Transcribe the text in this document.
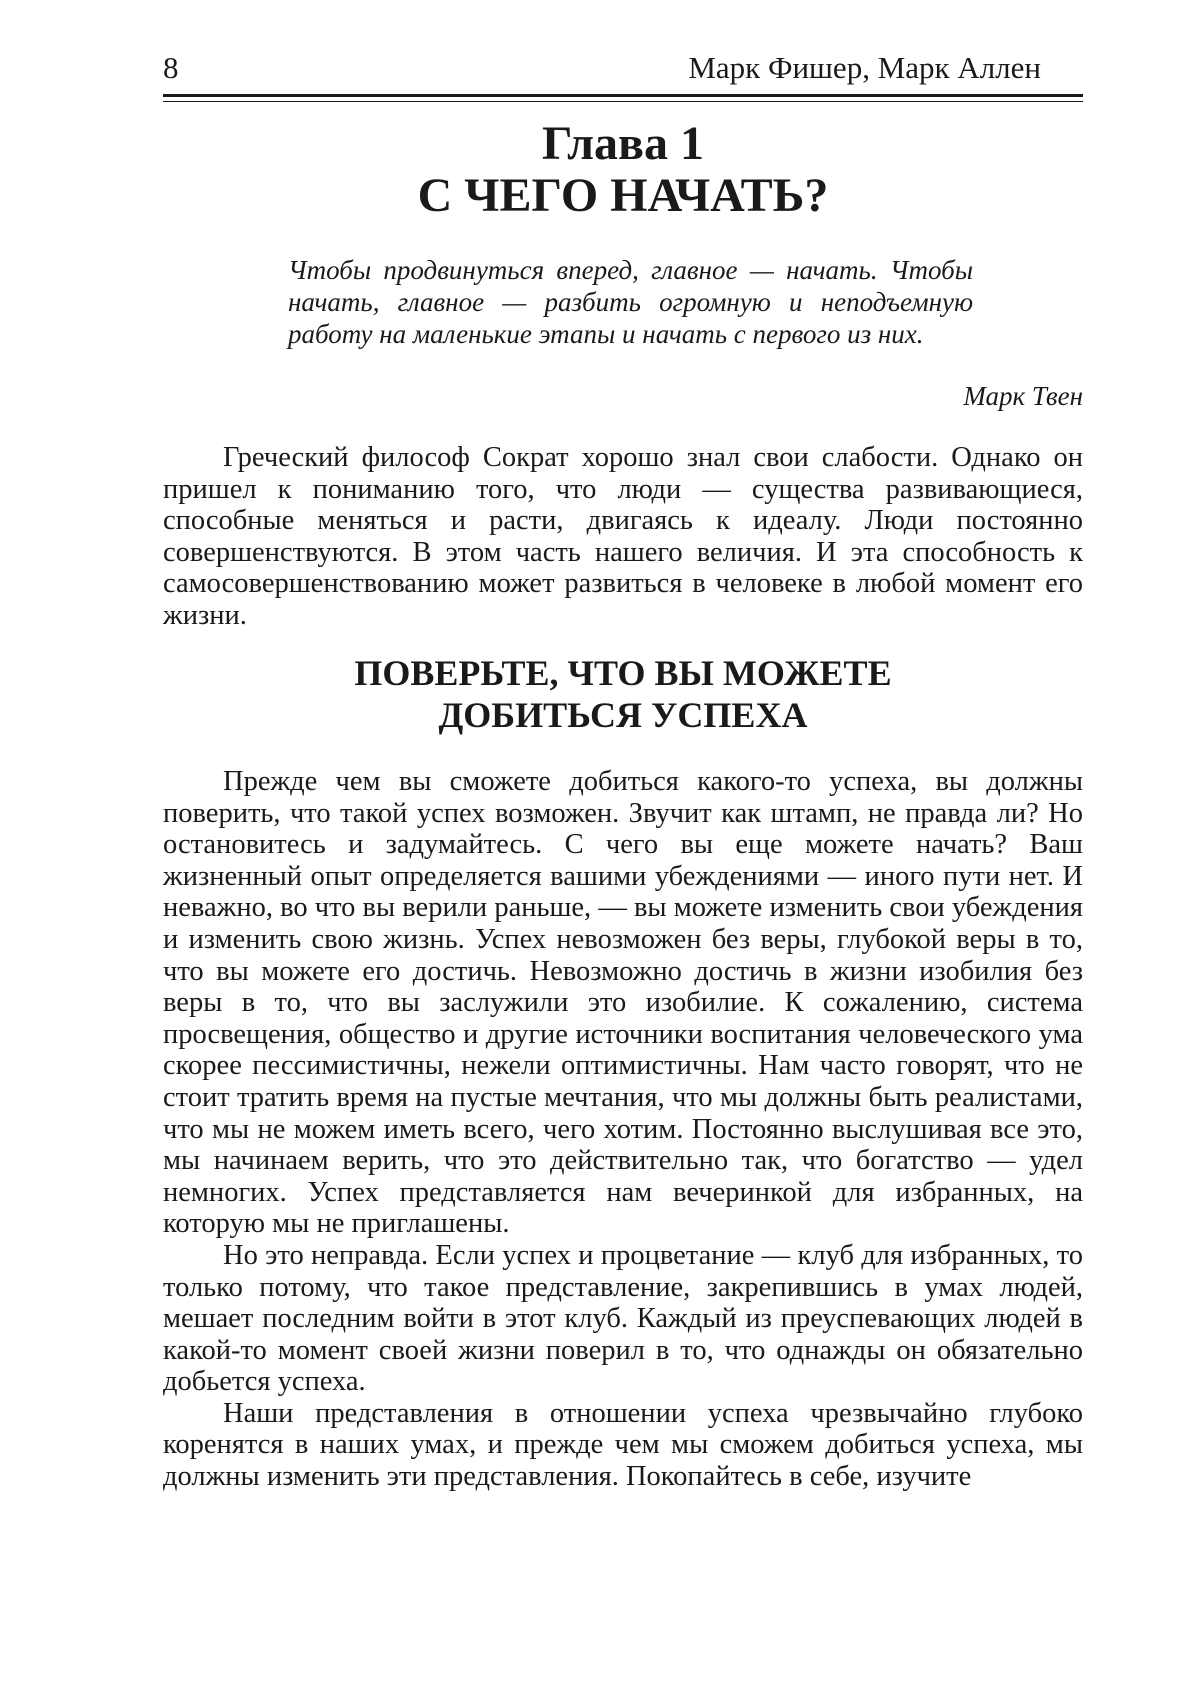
8	Марк Фишер, Марк Аллен
Глава 1
С ЧЕГО НАЧАТЬ?
Чтобы продвинуться вперед, главное — начать. Чтобы начать, главное — разбить огромную и неподъемную работу на маленькие этапы и начать с первого из них.
Марк Твен

Греческий философ Сократ хорошо знал свои слабости. Однако он пришел к пониманию того, что люди — существа развивающиеся, способные меняться и расти, двигаясь к идеалу. Люди постоянно совершенствуются. В этом часть нашего величия. И эта способность к самосовершенствованию может развиться в человеке в любой момент его жизни.

ПОВЕРЬТЕ, ЧТО ВЫ МОЖЕТЕ
ДОБИТЬСЯ УСПЕХА

Прежде чем вы сможете добиться какого-то успеха, вы должны поверить, что такой успех возможен. Звучит как штамп, не правда ли? Но остановитесь и задумайтесь. С чего вы еще можете начать? Ваш жизненный опыт определяется вашими убеждениями — иного пути нет. И неважно, во что вы верили раньше, — вы можете изменить свои убеждения и изменить свою жизнь. Успех невозможен без веры, глубокой веры в то, что вы можете его достичь. Невозможно достичь в жизни изобилия без веры в то, что вы заслужили это изобилие. К сожалению, система просвещения, общество и другие источники воспитания человеческого ума скорее пессимистичны, нежели оптимистичны. Нам часто говорят, что не стоит тратить время на пустые мечтания, что мы должны быть реалистами, что мы не можем иметь всего, чего хотим. Постоянно выслушивая все это, мы начинаем верить, что это действительно так, что богатство — удел немногих. Успех представляется нам вечеринкой для избранных, на которую мы не приглашены.

Но это неправда. Если успех и процветание — клуб для избранных, то только потому, что такое представление, закрепившись в умах людей, мешает последним войти в этот клуб. Каждый из преуспевающих людей в какой-то момент своей жизни поверил в то, что однажды он обязательно добьется успеха.

Наши представления в отношении успеха чрезвычайно глубоко коренятся в наших умах, и прежде чем мы сможем добиться успеха, мы должны изменить эти представления. Покопайтесь в себе, изучите
